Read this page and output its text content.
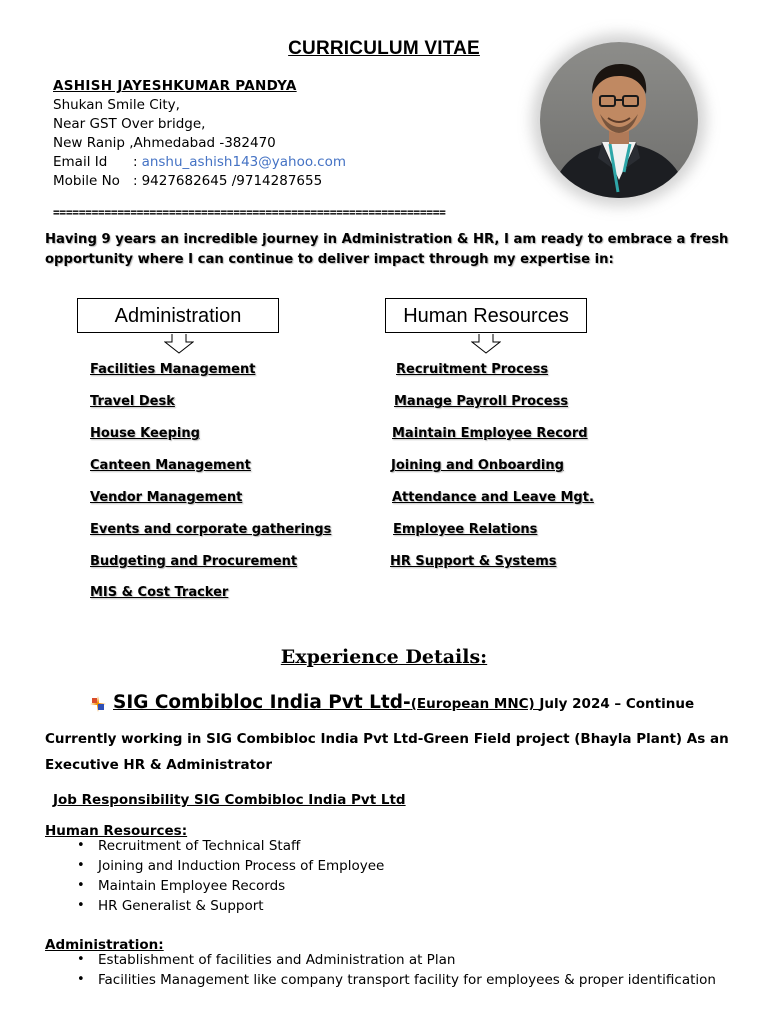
CURRICULUM VITAE
ASHISH JAYESHKUMAR PANDYA
Shukan Smile City,
Near GST Over bridge,
New Ranip ,Ahmedabad -382470
Email Id	: anshu_ashish143@yahoo.com
Mobile No : 9427682645 /9714287655
=============================================================
Having 9 years an incredible journey in Administration & HR, I am ready to embrace a fresh opportunity where I can continue to deliver impact through my expertise in:
Administration	Human Resources
Facilities Management
Travel Desk
House Keeping
Canteen Management
Vendor Management
Events and corporate gatherings
Budgeting and Procurement
MIS & Cost Tracker
Recruitment Process
Manage Payroll Process
Maintain Employee Record
Joining and Onboarding
Attendance and Leave Mgt.
Employee Relations
HR Support & Systems
Experience Details:
SIG Combibloc India Pvt Ltd-(European MNC) July 2024 – Continue
Currently working in SIG Combibloc India Pvt Ltd-Green Field project (Bhayla Plant) As an Executive HR & Administrator
Job Responsibility SIG Combibloc India Pvt Ltd
Human Resources:
• Recruitment of Technical Staff
• Joining and Induction Process of Employee
• Maintain Employee Records
• HR Generalist & Support
Administration:
• Establishment of facilities and Administration at Plan
• Facilities Management like company transport facility for employees & proper identification
